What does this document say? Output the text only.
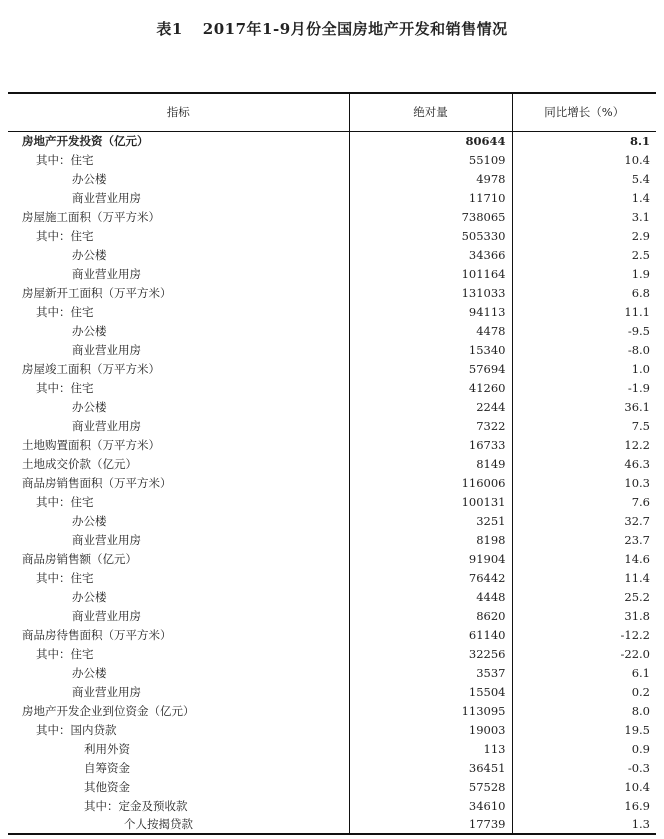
表1 2017年1-9月份全国房地产开发和销售情况
指标	绝对量	同比增长（%）
房地产开发投资（亿元）	80644	8.1
其中：住宅	55109	10.4
办公楼	4978	5.4
商业营业用房	11710	1.4
房屋施工面积（万平方米）	738065	3.1
其中：住宅	505330	2.9
办公楼	34366	2.5
商业营业用房	101164	1.9
房屋新开工面积（万平方米）	131033	6.8
其中：住宅	94113	11.1
办公楼	4478	-9.5
商业营业用房	15340	-8.0
房屋竣工面积（万平方米）	57694	1.0
其中：住宅	41260	-1.9
办公楼	2244	36.1
商业营业用房	7322	7.5
土地购置面积（万平方米）	16733	12.2
土地成交价款（亿元）	8149	46.3
商品房销售面积（万平方米）	116006	10.3
其中：住宅	100131	7.6
办公楼	3251	32.7
商业营业用房	8198	23.7
商品房销售额（亿元）	91904	14.6
其中：住宅	76442	11.4
办公楼	4448	25.2
商业营业用房	8620	31.8
商品房待售面积（万平方米）	61140	-12.2
其中：住宅	32256	-22.0
办公楼	3537	6.1
商业营业用房	15504	0.2
房地产开发企业到位资金（亿元）	113095	8.0
其中：国内贷款	19003	19.5
利用外资	113	0.9
自筹资金	36451	-0.3
其他资金	57528	10.4
其中：定金及预收款	34610	16.9
个人按揭贷款	17739	1.3
